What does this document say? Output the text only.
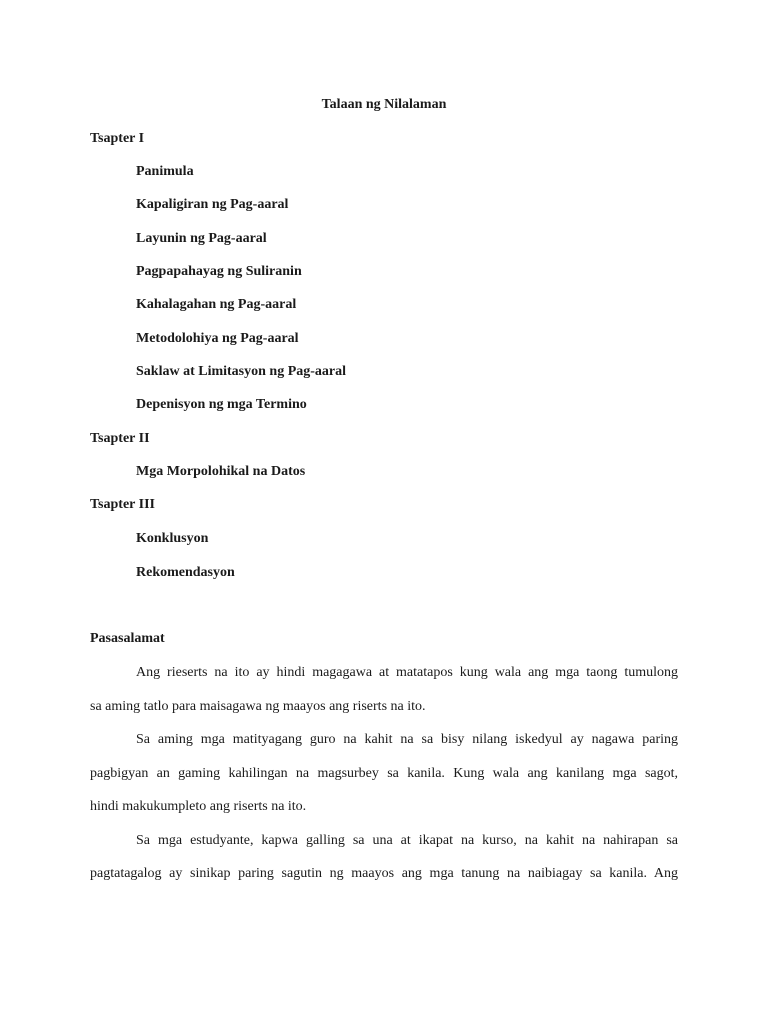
Talaan ng Nilalaman
Tsapter I
Panimula
Kapaligiran ng Pag-aaral
Layunin ng Pag-aaral
Pagpapahayag ng Suliranin
Kahalagahan ng Pag-aaral
Metodolohiya ng Pag-aaral
Saklaw at Limitasyon ng Pag-aaral
Depenisyon ng mga Termino
Tsapter II
Mga Morpolohikal na Datos
Tsapter III
Konklusyon
Rekomendasyon
Pasasalamat
Ang rieserts na ito ay hindi magagawa at matatapos kung wala ang mga taong tumulong
sa aming tatlo para maisagawa ng maayos ang riserts na ito.
Sa aming mga matityagang guro na kahit na sa bisy nilang iskedyul ay nagawa paring
pagbigyan an gaming kahilingan na magsurbey sa kanila. Kung wala ang kanilang mga sagot,
hindi makukumpleto ang riserts na ito.
Sa mga estudyante, kapwa galling sa una at ikapat na kurso, na kahit na nahirapan sa
pagtatagalog ay sinikap paring sagutin ng maayos ang mga tanung na naibiagay sa kanila. Ang
